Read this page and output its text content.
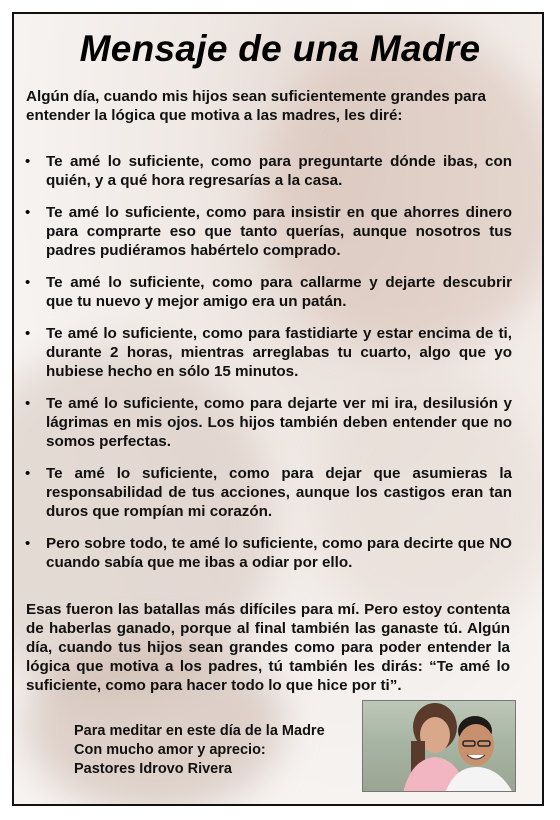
Mensaje de una Madre
Algún día, cuando mis hijos sean suficientemente grandes para entender la lógica que motiva a las madres, les diré:
• Te amé lo suficiente, como para preguntarte dónde ibas, con quién, y a qué hora regresarías a la casa.
• Te amé lo suficiente, como para insistir en que ahorres dinero para comprarte eso que tanto querías, aunque nosotros tus padres pudiéramos habértelo comprado.
• Te amé lo suficiente, como para callarme y dejarte descubrir que tu nuevo y mejor amigo era un patán.
• Te amé lo suficiente, como para fastidiarte y estar encima de ti, durante 2 horas, mientras arreglabas tu cuarto, algo que yo hubiese hecho en sólo 15 minutos.
• Te amé lo suficiente, como para dejarte ver mi ira, desilusión y lágrimas en mis ojos. Los hijos también deben entender que no somos perfectas.
• Te amé lo suficiente, como para dejar que asumieras la responsabilidad de tus acciones, aunque los castigos eran tan duros que rompían mi corazón.
• Pero sobre todo, te amé lo suficiente, como para decirte que NO cuando sabía que me ibas a odiar por ello.
Esas fueron las batallas más difíciles para mí. Pero estoy contenta de haberlas ganado, porque al final también las ganaste tú. Algún día, cuando tus hijos sean grandes como para poder entender la lógica que motiva a los padres, tú también les dirás: “Te amé lo suficiente, como para hacer todo lo que hice por ti”.
Para meditar en este día de la Madre
Con mucho amor y aprecio:
Pastores Idrovo Rivera
